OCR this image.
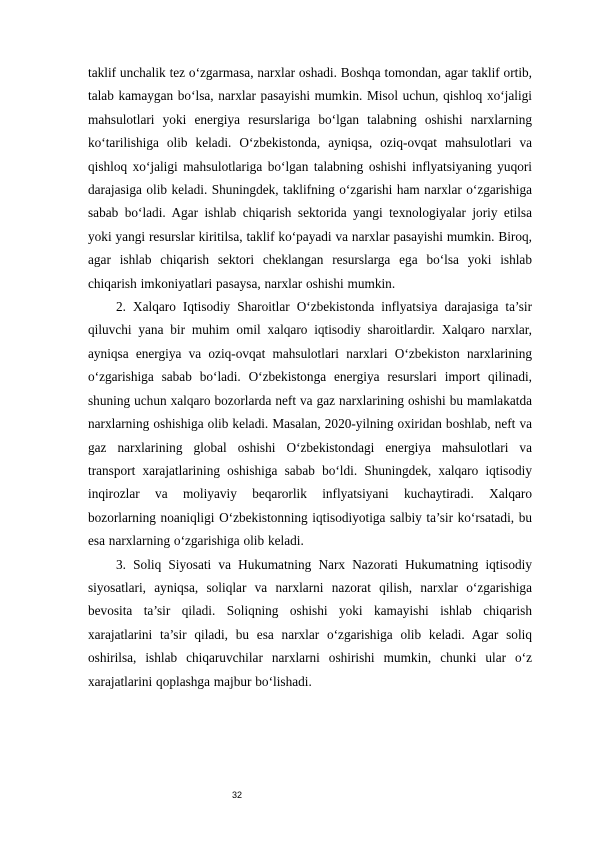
taklif unchalik tez o‘zgarmasa, narxlar oshadi. Boshqa tomondan, agar taklif ortib, talab kamaygan bo‘lsa, narxlar pasayishi mumkin. Misol uchun, qishloq xo‘jaligi mahsulotlari yoki energiya resurslariga bo‘lgan talabning oshishi narxlarning ko‘tarilishiga olib keladi. O‘zbekistonda, ayniqsa, oziq-ovqat mahsulotlari va qishloq xo‘jaligi mahsulotlariga bo‘lgan talabning oshishi inflyatsiyaning yuqori darajasiga olib keladi. Shuningdek, taklifning o‘zgarishi ham narxlar o‘zgarishiga sabab bo‘ladi. Agar ishlab chiqarish sektorida yangi texnologiyalar joriy etilsa yoki yangi resurslar kiritilsa, taklif ko‘payadi va narxlar pasayishi mumkin. Biroq, agar ishlab chiqarish sektori cheklangan resurslarga ega bo‘lsa yoki ishlab chiqarish imkoniyatlari pasaysa, narxlar oshishi mumkin.

2. Xalqaro Iqtisodiy Sharoitlar O‘zbekistonda inflyatsiya darajasiga ta’sir qiluvchi yana bir muhim omil xalqaro iqtisodiy sharoitlardir. Xalqaro narxlar, ayniqsa energiya va oziq-ovqat mahsulotlari narxlari O‘zbekiston narxlarining o‘zgarishiga sabab bo‘ladi. O‘zbekistonga energiya resurslari import qilinadi, shuning uchun xalqaro bozorlarda neft va gaz narxlarining oshishi bu mamlakatda narxlarning oshishiga olib keladi. Masalan, 2020-yilning oxiridan boshlab, neft va gaz narxlarining global oshishi O‘zbekistondagi energiya mahsulotlari va transport xarajatlarining oshishiga sabab bo‘ldi. Shuningdek, xalqaro iqtisodiy inqirozlar va moliyaviy beqarorlik inflyatsiyani kuchaytiradi. Xalqaro bozorlarning noaniqligi O‘zbekistonning iqtisodiyotiga salbiy ta’sir ko‘rsatadi, bu esa narxlarning o‘zgarishiga olib keladi.

3. Soliq Siyosati va Hukumatning Narx Nazorati Hukumatning iqtisodiy siyosatlari, ayniqsa, soliqlar va narxlarni nazorat qilish, narxlar o‘zgarishiga bevosita ta’sir qiladi. Soliqning oshishi yoki kamayishi ishlab chiqarish xarajatlarini ta’sir qiladi, bu esa narxlar o‘zgarishiga olib keladi. Agar soliq oshirilsa, ishlab chiqaruvchilar narxlarni oshirishi mumkin, chunki ular o‘z xarajatlarini qoplashga majbur bo‘lishadi.

32
